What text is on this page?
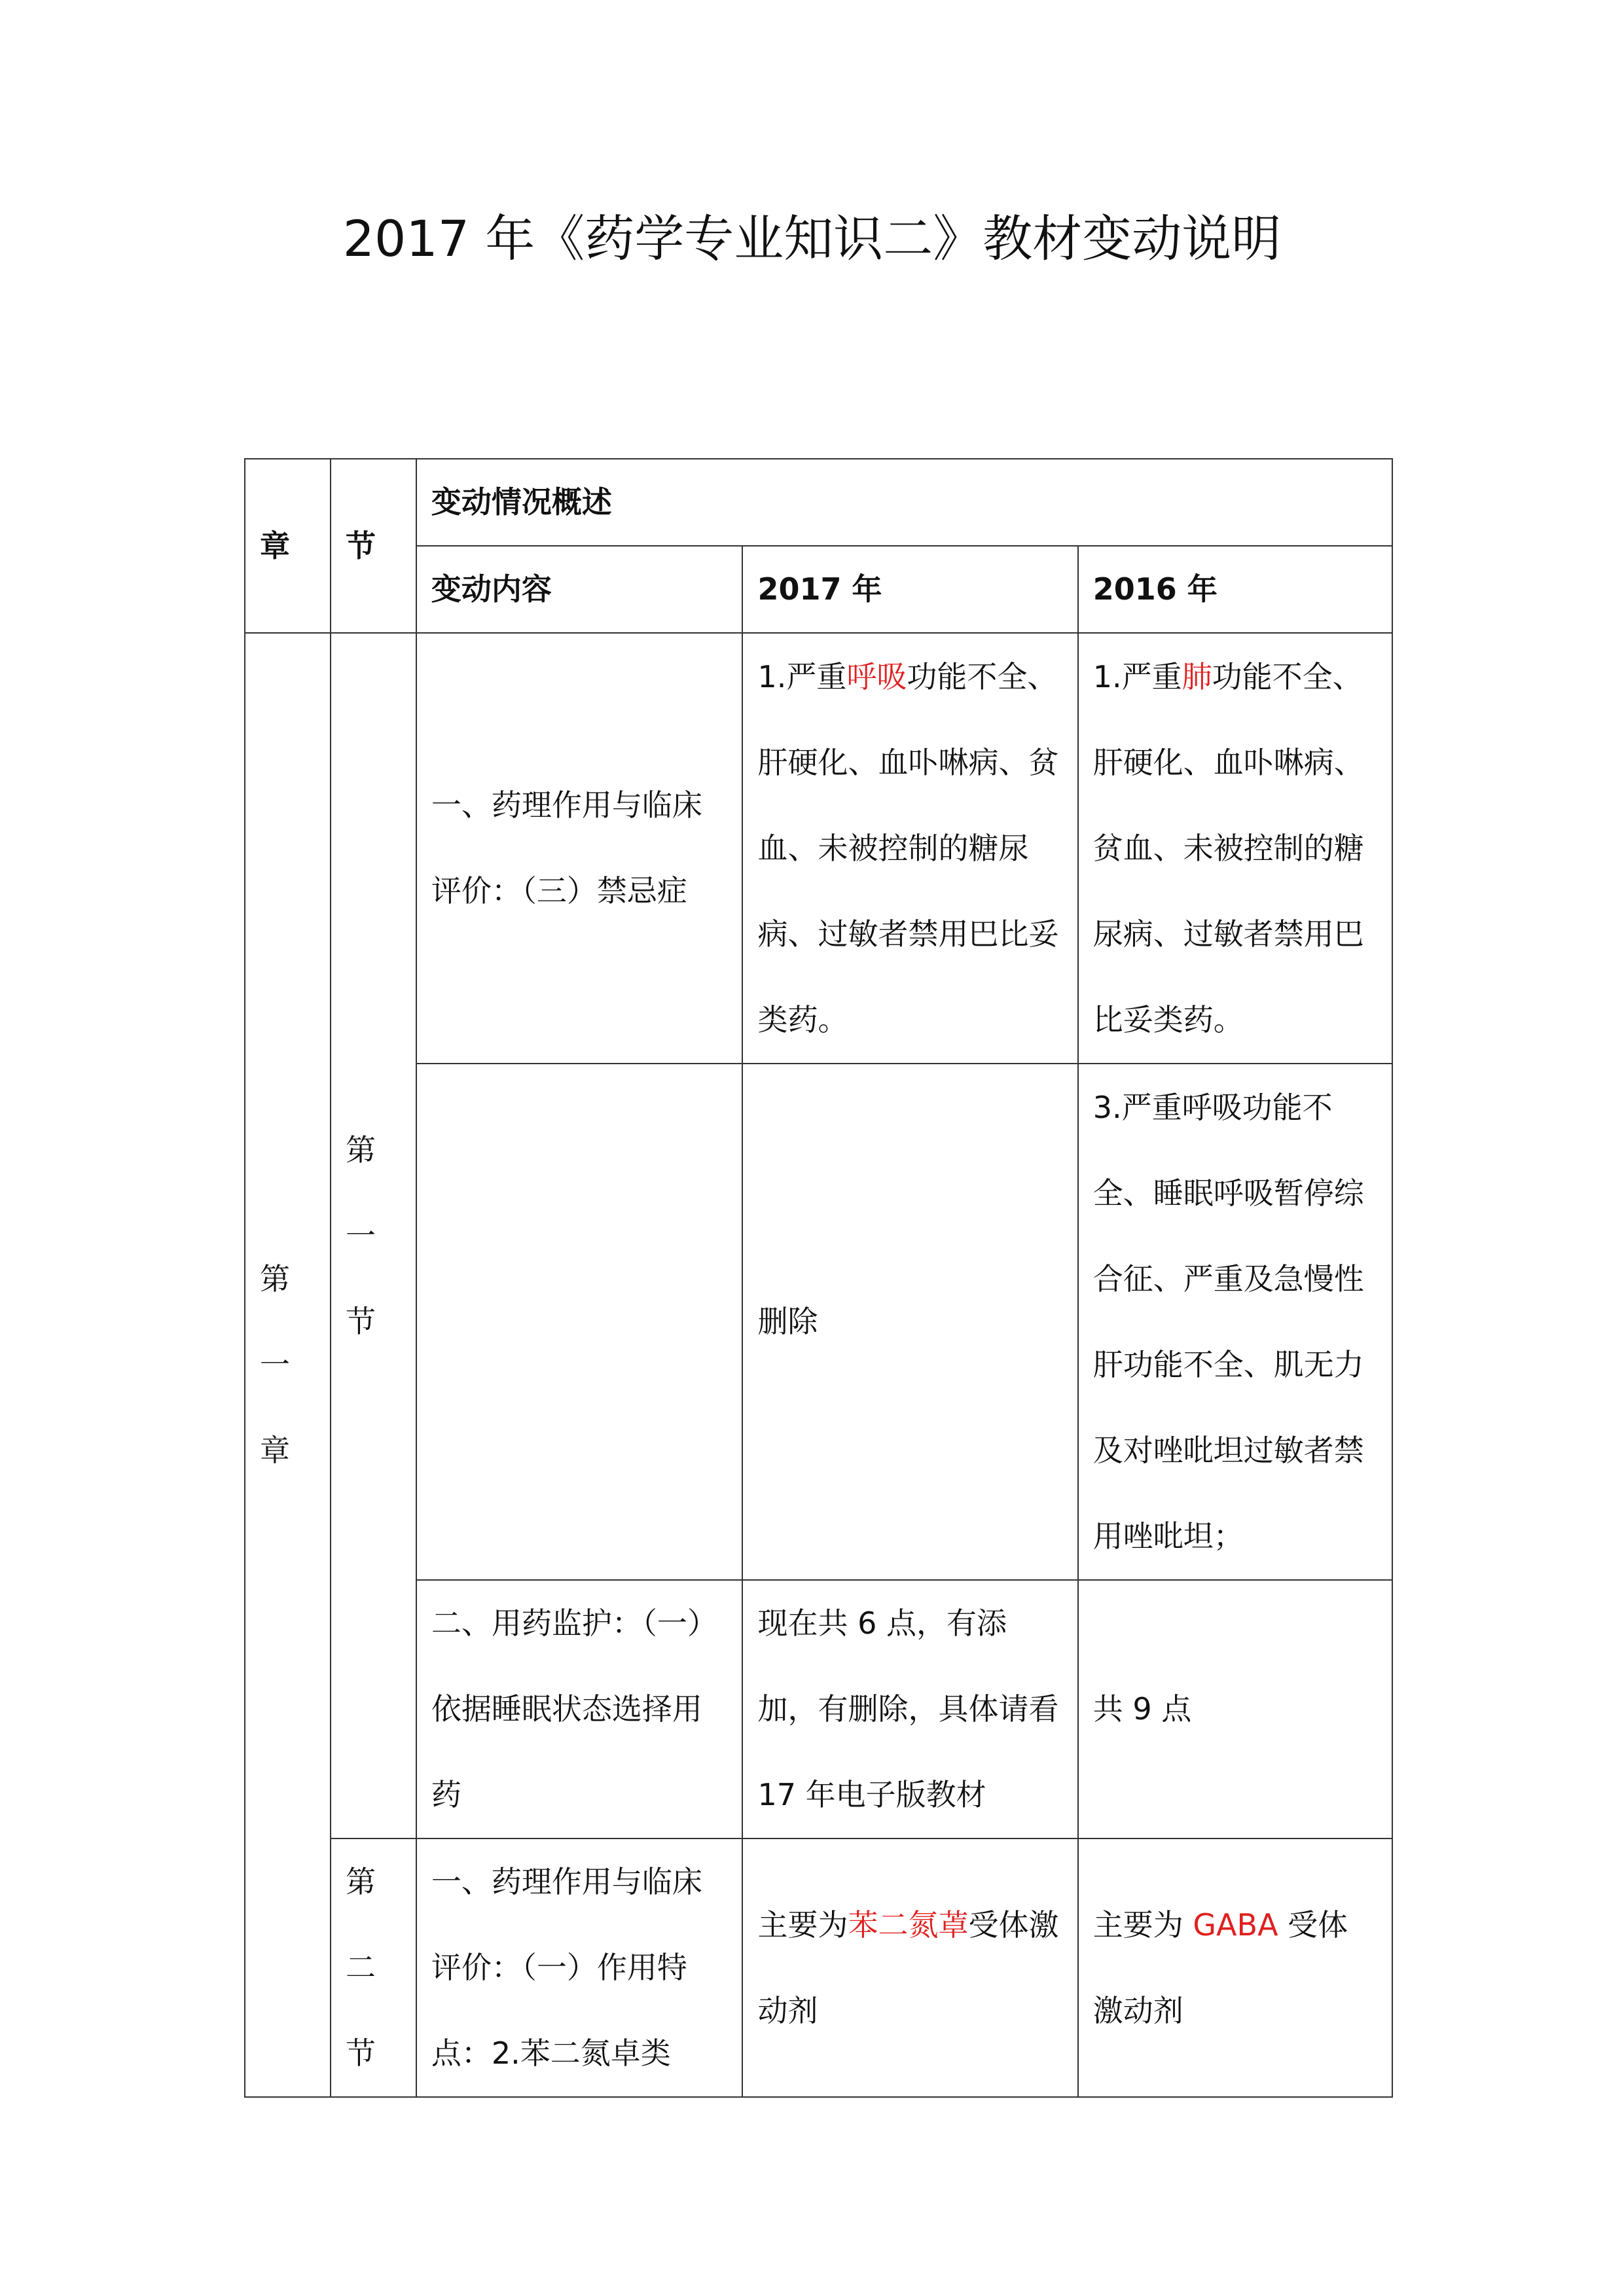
2017 年《药学专业知识二》教材变动说明
章	节	变动情况概述		
		变动内容	2017 年	2016 年
第一章	第一节	一、药理作用与临床评价：（三）禁忌症	1.严重呼吸功能不全、肝硬化、血卟啉病、贫血、未被控制的糖尿病、过敏者禁用巴比妥类药。	1.严重肺功能不全、肝硬化、血卟啉病、贫血、未被控制的糖尿病、过敏者禁用巴比妥类药。
			删除	3.严重呼吸功能不全、睡眠呼吸暂停综合征、严重及急慢性肝功能不全、肌无力及对唑吡坦过敏者禁用唑吡坦；
		二、用药监护：（一）依据睡眠状态选择用药	现在共 6 点，有添加，有删除，具体请看 17 年电子版教材	共 9 点
	第二节	一、药理作用与临床评价：（一）作用特点：2.苯二氮卓类	主要为苯二氮䓬受体激动剂	主要为 GABA 受体激动剂
